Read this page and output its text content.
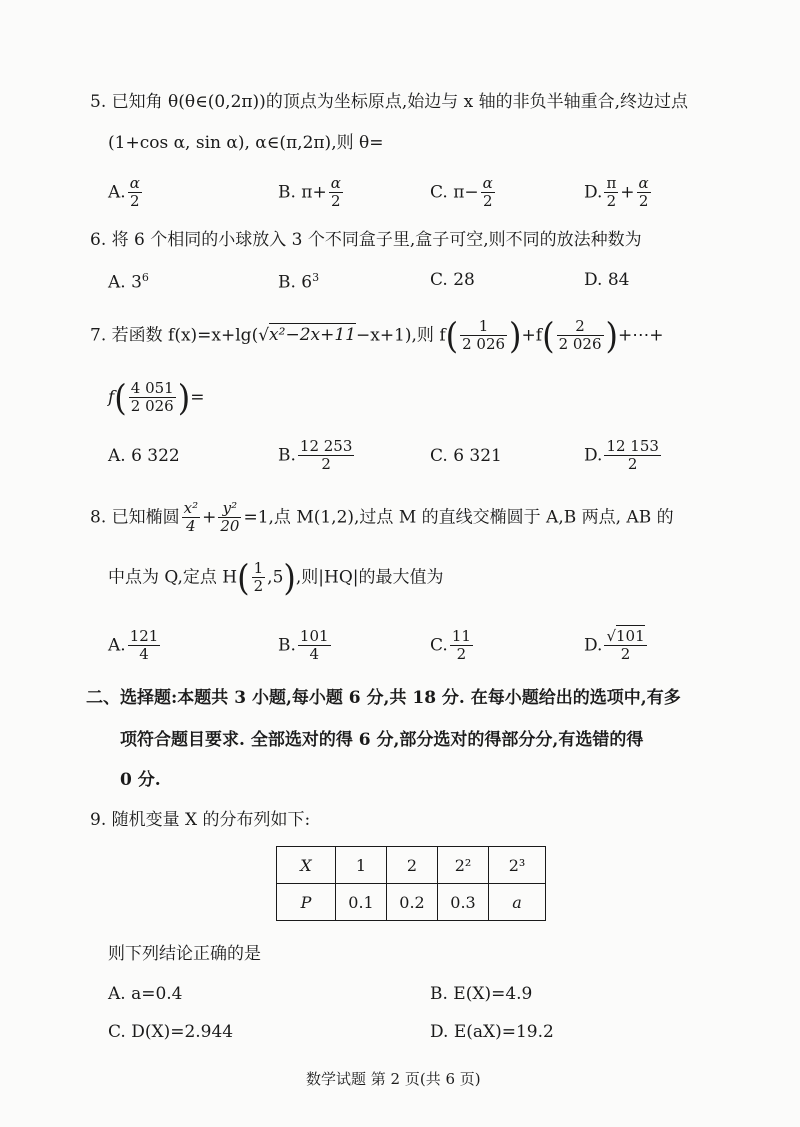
5. 已知角 θ(θ∈(0,2π))的顶点为坐标原点,始边与 x 轴的非负半轴重合,终边过点
(1+cos α, sin α), α∈(π,2π),则 θ=
A. $\frac{\alpha}{2}$	B. $\pi+ \frac{\alpha}{2}$	C. $\pi- \frac{\alpha}{2}$	D. $\frac{\pi}{2} + \frac{\alpha}{2}$
6. 将 6 个相同的小球放入 3 个不同盒子里,盒子可空,则不同的放法种数为
A. $3^6$	B. $6^3$	C. 28	D. 84
7. 若函数 f(x)=x+lg(√x²−2x+11−x+1),则 $f( \frac{1}{2 026} )+f( \frac{2}{2 026}$ )+⋯+
$f( \frac{4 051}{2 026}$ )=
A. 6 322	B. $\frac{12 253}{2}$	C. 6 321	D. $\frac{12 153}{2}$
8. 已知椭圆 $\frac{\text{x²}}{4} + \frac{\text{y²}}{20} =1$,点 M(1,2),过点 M 的直线交椭圆于 A,B 两点, AB 的
中点为 Q,定点 $H( \frac{1}{2} ,5)$,则|HQ|的最大值为
A. $\frac{121}{4}$	B. $\frac{101}{4}$	C. $\frac{11}{2}$	D. $\frac{√101}{2}$
二、选择题:本题共 3 小题,每小题 6 分,共 18 分. 在每小题给出的选项中,有多
项符合题目要求. 全部选对的得 6 分,部分选对的得部分分,有选错的得
0 分.
9. 随机变量 X 的分布列如下:
X	1	2	2²	2³
P	0.1	0.2	0.3	a
则下列结论正确的是
A. a=0.4	B. E(X)=4.9
C. D(X)=2.944	D. E(aX)=19.2
数学试题 第 2 页(共 6 页)
